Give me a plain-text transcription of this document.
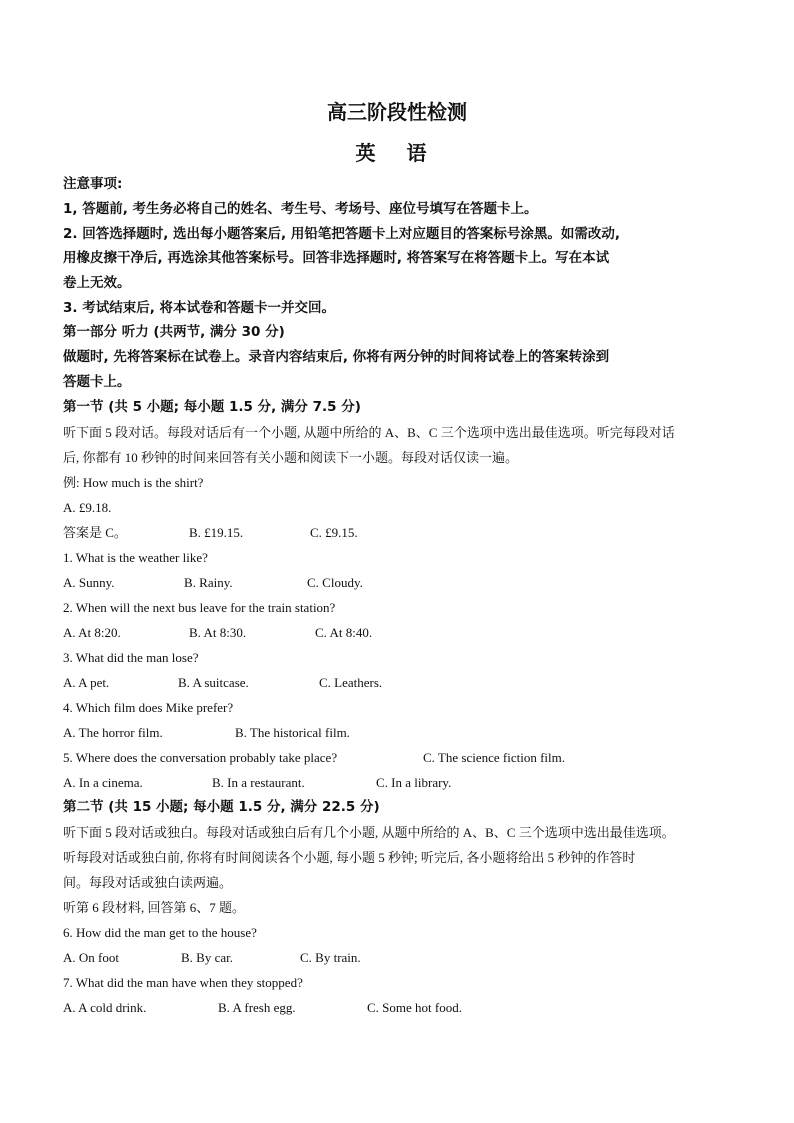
高三阶段性检测
英 语
注意事项:
1, 答题前, 考生务必将自己的姓名、考生号、考场号、座位号填写在答题卡上。
2. 回答选择题时, 选出每小题答案后, 用铅笔把答题卡上对应题目的答案标号涂黑。如需改动,
用橡皮擦干净后, 再选涂其他答案标号。回答非选择题时, 将答案写在将答题卡上。写在本试
卷上无效。
3. 考试结束后, 将本试卷和答题卡一并交回。
第一部分 听力 (共两节, 满分 30 分)
做题时, 先将答案标在试卷上。录音内容结束后, 你将有两分钟的时间将试卷上的答案转涂到
答题卡上。
第一节 (共 5 小题; 每小题 1.5 分, 满分 7.5 分)
听下面 5 段对话。每段对话后有一个小题, 从题中所给的 A、B、C 三个选项中选出最佳选项。听完每段对话
后, 你都有 10 秒钟的时间来回答有关小题和阅读下一小题。每段对话仅读一遍。
例: How much is the shirt?
A. £9.18.
答案是 C。	B. £19.15.	C. £9.15.
1. What is the weather like?
A. Sunny.	B. Rainy.	C. Cloudy.
2. When will the next bus leave for the train station?
A. At 8:20.	B. At 8:30.	C. At 8:40.
3. What did the man lose?
A. A pet.	B. A suitcase.	C. Leathers.
4. Which film does Mike prefer?
A. The horror film.	B. The historical film.
5. Where does the conversation probably take place?	C. The science fiction film.
A. In a cinema.	B. In a restaurant.	C. In a library.
第二节 (共 15 小题; 每小题 1.5 分, 满分 22.5 分)
听下面 5 段对话或独白。每段对话或独白后有几个小题, 从题中所给的 A、B、C 三个选项中选出最佳选项。
听每段对话或独白前, 你将有时间阅读各个小题, 每小题 5 秒钟; 听完后, 各小题将给出 5 秒钟的作答时
间。每段对话或独白读两遍。
听第 6 段材料, 回答第 6、7 题。
6. How did the man get to the house?
A. On foot	B. By car.	C. By train.
7. What did the man have when they stopped?
A. A cold drink.	B. A fresh egg.	C. Some hot food.
